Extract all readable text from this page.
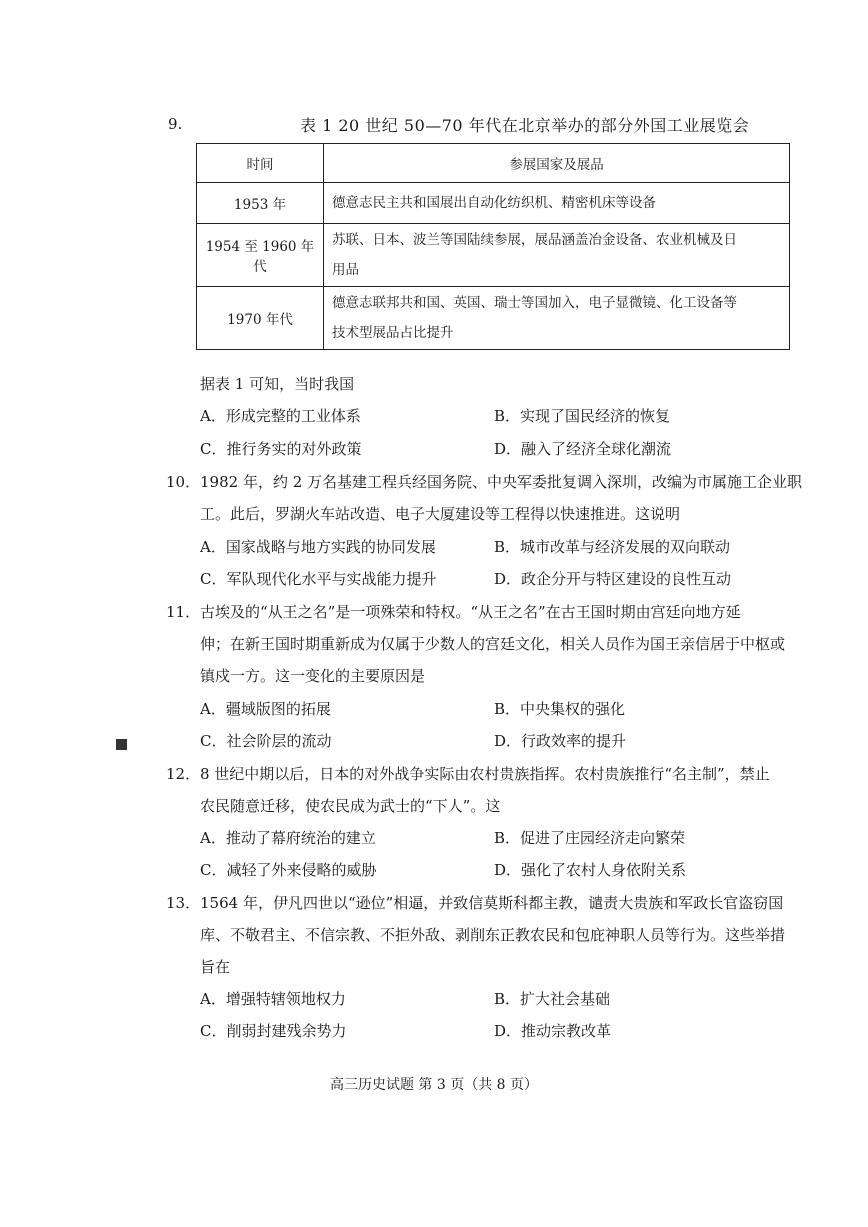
9.	表 1 20 世纪 50—70 年代在北京举办的部分外国工业展览会
时间	参展国家及展品
1953 年	德意志民主共和国展出自动化纺织机、精密机床等设备
1954 至 1960 年代	苏联、日本、波兰等国陆续参展，展品涵盖冶金设备、农业机械及日
用品
1970 年代	德意志联邦共和国、英国、瑞士等国加入，电子显微镜、化工设备等
技术型展品占比提升
据表 1 可知，当时我国
A．形成完整的工业体系	B．实现了国民经济的恢复
C．推行务实的对外政策	D．融入了经济全球化潮流
10． 1982 年，约 2 万名基建工程兵经国务院、中央军委批复调入深圳，改编为市属施工企业职
工。此后，罗湖火车站改造、电子大厦建设等工程得以快速推进。这说明
A．国家战略与地方实践的协同发展	B．城市改革与经济发展的双向联动
C．军队现代化水平与实战能力提升	D．政企分开与特区建设的良性互动
11． 古埃及的“从王之名”是一项殊荣和特权。“从王之名”在古王国时期由宫廷向地方延
伸；在新王国时期重新成为仅属于少数人的宫廷文化，相关人员作为国王亲信居于中枢或
镇戍一方。这一变化的主要原因是
A．疆域版图的拓展	B．中央集权的强化
C．社会阶层的流动	D．行政效率的提升
12． 8 世纪中期以后，日本的对外战争实际由农村贵族指挥。农村贵族推行“名主制”，禁止
农民随意迁移，使农民成为武士的“下人”。这
A．推动了幕府统治的建立	B．促进了庄园经济走向繁荣
C．减轻了外来侵略的威胁	D．强化了农村人身依附关系
13． 1564 年，伊凡四世以“逊位”相逼，并致信莫斯科都主教，谴责大贵族和军政长官盗窃国
库、不敬君主、不信宗教、不拒外敌、剥削东正教农民和包庇神职人员等行为。这些举措
旨在
A．增强特辖领地权力	B．扩大社会基础
C．削弱封建残余势力	D．推动宗教改革
高三历史试题 第 3 页（共 8 页）
